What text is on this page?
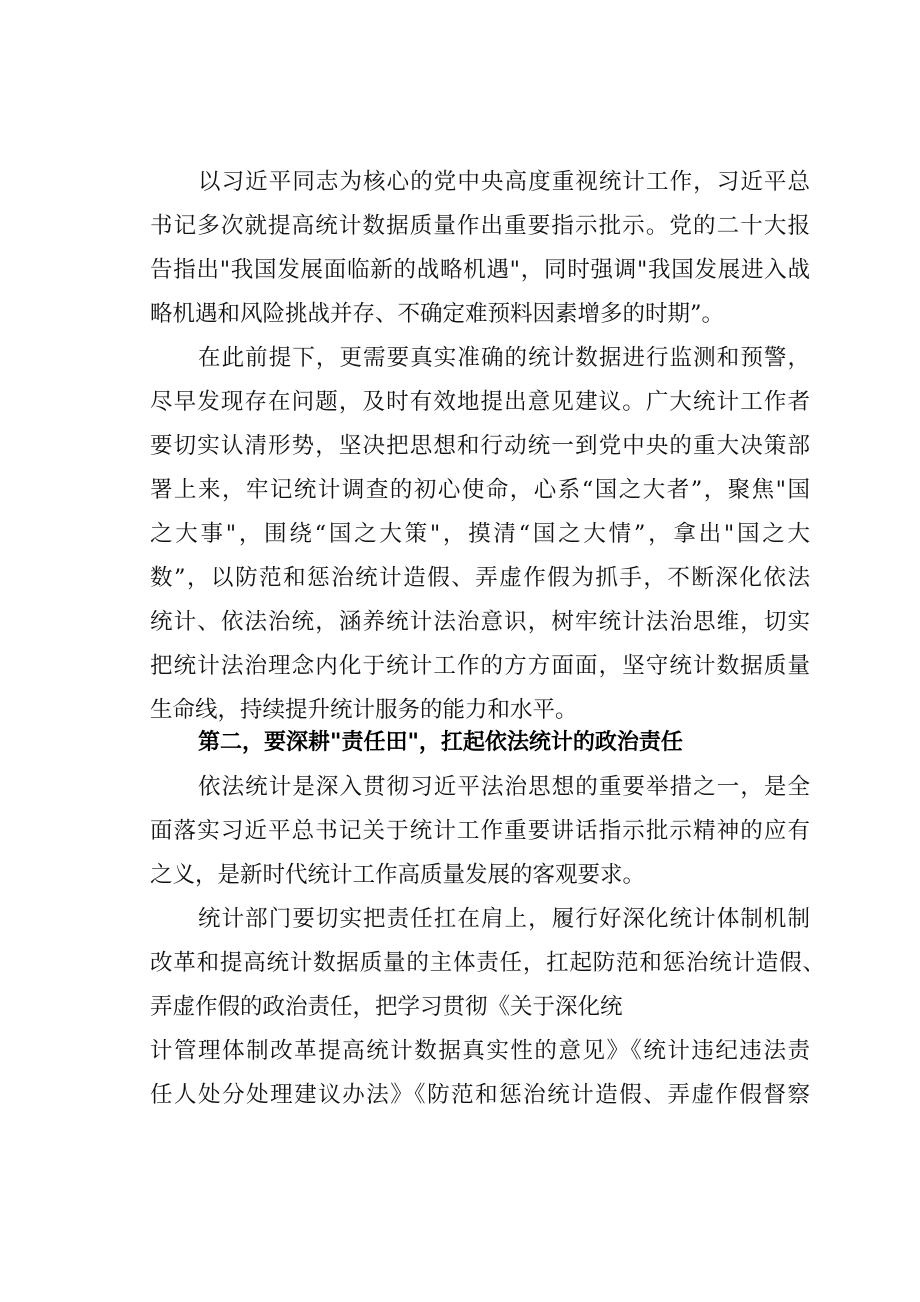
以习近平同志为核心的党中央高度重视统计工作，习近平总
书记多次就提高统计数据质量作出重要指示批示。党的二十大报
告指出"我国发展面临新的战略机遇"，同时强调"我国发展进入战
略机遇和风险挑战并存、不确定难预料因素增多的时期”。
在此前提下，更需要真实准确的统计数据进行监测和预警，
尽早发现存在问题，及时有效地提出意见建议。广大统计工作者
要切实认清形势，坚决把思想和行动统一到党中央的重大决策部
署上来，牢记统计调查的初心使命，心系“国之大者”，聚焦"国
之大事"，围绕“国之大策"，摸清“国之大情”，拿出"国之大
数”，以防范和惩治统计造假、弄虚作假为抓手，不断深化依法
统计、依法治统，涵养统计法治意识，树牢统计法治思维，切实
把统计法治理念内化于统计工作的方方面面，坚守统计数据质量
生命线，持续提升统计服务的能力和水平。
第二，要深耕"责任田"，扛起依法统计的政治责任
依法统计是深入贯彻习近平法治思想的重要举措之一，是全
面落实习近平总书记关于统计工作重要讲话指示批示精神的应有
之义，是新时代统计工作高质量发展的客观要求。
统计部门要切实把责任扛在肩上，履行好深化统计体制机制
改革和提高统计数据质量的主体责任，扛起防范和惩治统计造假、
弄虚作假的政治责任，把学习贯彻《关于深化统
计管理体制改革提高统计数据真实性的意见》《统计违纪违法责
任人处分处理建议办法》《防范和惩治统计造假、弄虚作假督察
